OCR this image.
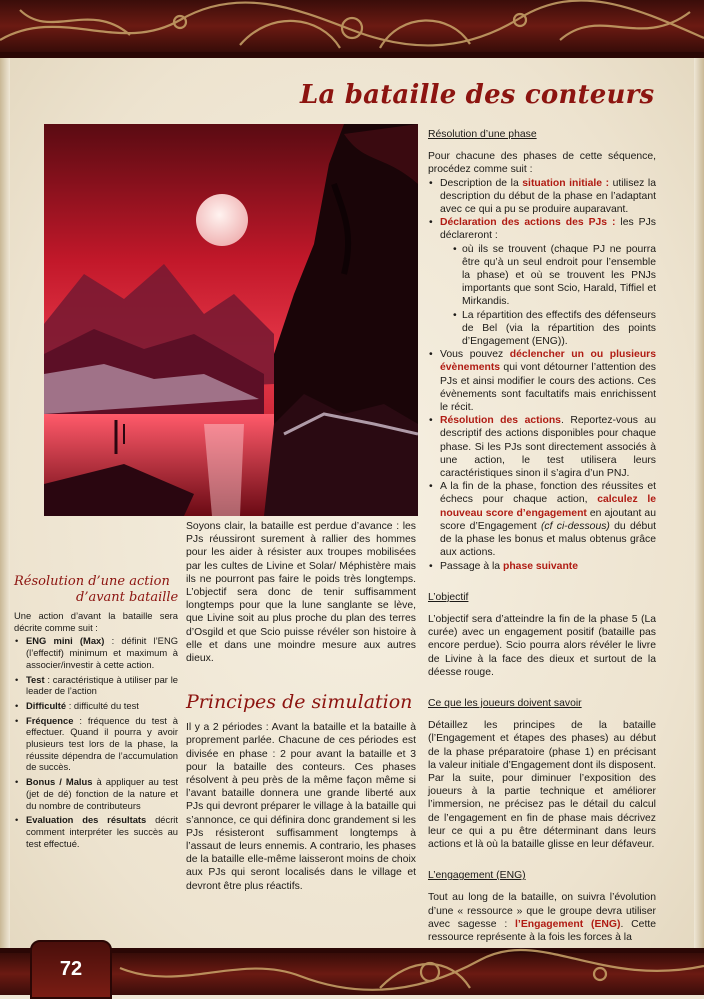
72
La bataille des conteurs
Résolution d’une action
d’avant bataille

Une action d’avant la bataille sera décrite comme suit :

• ENG mini (Max) : définit l’ENG (l’effectif) minimum et maximum à associer/investir à cette action.
• Test : caractéristique à utiliser par le leader de l’action
• Difficulté : difficulté du test
• Fréquence : fréquence du test à effectuer. Quand il pourra y avoir plusieurs test lors de la phase, la réussite dépendra de l’accumulation de succès.
• Bonus / Malus à appliquer au test (jet de dé) fonction de la nature et du nombre de contributeurs
• Evaluation des résultats décrit comment interpréter les succès au test effectué.

Soyons clair, la bataille est perdue d’avance : les PJs réussiront surement à rallier des hommes pour les aider à résister aux troupes mobilisées par les cultes de Livine et Solar/ Méphistère mais ils ne pourront pas faire le poids très longtemps. L’objectif sera donc de tenir suffisamment longtemps pour que la lune sanglante se lève, que Livine soit au plus proche du plan des terres d’Osgild et que Scio puisse révéler son histoire à elle et dans une moindre mesure aux autres dieux.

Principes de simulation

Il y a 2 périodes : Avant la bataille et la bataille à proprement parlée. Chacune de ces périodes est divisée en phase : 2 pour avant la bataille et 3 pour la bataille des conteurs. Ces phases résolvent à peu près de la même façon même si l’avant bataille donnera une grande liberté aux PJs qui devront préparer le village à la bataille qui s’annonce, ce qui définira donc grandement si les PJs résisteront suffisamment longtemps à l’assaut de leurs ennemis. A contrario, les phases de la bataille elle-même laisseront moins de choix aux PJs qui seront localisés dans le village et devront être plus réactifs.

Résolution d’une phase

Pour chacune des phases de cette séquence, procédez comme suit :

• Description de la situation initiale : utilisez la description du début de la phase en l’adaptant avec ce qui a pu se produire auparavant.
• Déclaration des actions des PJs : les PJs déclareront :
• où ils se trouvent (chaque PJ ne pourra être qu’à un seul endroit pour l’ensemble la phase) et où se trouvent les PNJs importants que sont Scio, Harald, Tiffiel et Mirkandis.
• La répartition des effectifs des défenseurs de Bel (via la répartition des points d’Engagement (ENG)).
• Vous pouvez déclencher un ou plusieurs évènements qui vont détourner l’attention des PJs et ainsi modifier le cours des actions. Ces évènements sont facultatifs mais enrichissent le récit.
• Résolution des actions. Reportez-vous au descriptif des actions disponibles pour chaque phase. Si les PJs sont directement associés à une action, le test utilisera leurs caractéristiques sinon il s’agira d’un PNJ.
• A la fin de la phase, fonction des réussites et échecs pour chaque action, calculez le nouveau score d’engagement en ajoutant au score d’Engagement (cf ci-dessous) du début de la phase les bonus et malus obtenus grâce aux actions.
• Passage à la phase suivante
L’objectif

L’objectif sera d’atteindre la fin de la phase 5 (La curée) avec un engagement positif (bataille pas encore perdue). Scio pourra alors révéler le livre de Livine à la face des dieux et surtout de la déesse rouge.

Ce que les joueurs doivent savoir

Détaillez les principes de la bataille (l’Engagement et étapes des phases) au début de la phase préparatoire (phase 1) en précisant la valeur initiale d’Engagement dont ils disposent. Par la suite, pour diminuer l’exposition des joueurs à la partie technique et améliorer l’immersion, ne précisez pas le détail du calcul de l’engagement en fin de phase mais décrivez leur ce qui a pu être déterminant dans leurs actions et là où la bataille glisse en leur défaveur.

L’engagement (ENG)

Tout au long de la bataille, on suivra l’évolution d’une « ressource » que le groupe devra utiliser avec sagesse : l’Engagement (ENG). Cette ressource représente à la fois les forces à la
